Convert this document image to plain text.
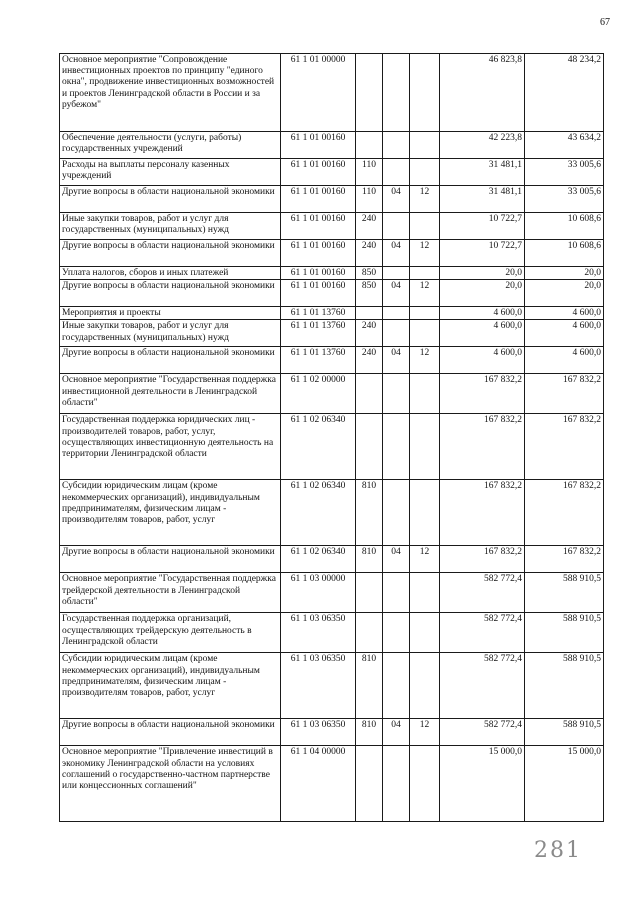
67
Основное мероприятие "Сопровождение инвестиционных проектов по принципу "единого окна", продвижение инвестиционных возможностей и проектов Ленинградской области в России и за рубежом"	61 1 01 00000				46 823,8	48 234,2
Обеспечение деятельности (услуги, работы) государственных учреждений	61 1 01 00160				42 223,8	43 634,2
Расходы на выплаты персоналу казенных учреждений	61 1 01 00160	110			31 481,1	33 005,6
Другие вопросы в области национальной экономики	61 1 01 00160	110	04	12	31 481,1	33 005,6
Иные закупки товаров, работ и услуг для государственных (муниципальных) нужд	61 1 01 00160	240			10 722,7	10 608,6
Другие вопросы в области национальной экономики	61 1 01 00160	240	04	12	10 722,7	10 608,6
Уплата налогов, сборов и иных платежей	61 1 01 00160	850			20,0	20,0
Другие вопросы в области национальной экономики	61 1 01 00160	850	04	12	20,0	20,0
Мероприятия и проекты	61 1 01 13760				4 600,0	4 600,0
Иные закупки товаров, работ и услуг для государственных (муниципальных) нужд	61 1 01 13760	240			4 600,0	4 600,0
Другие вопросы в области национальной экономики	61 1 01 13760	240	04	12	4 600,0	4 600,0
Основное мероприятие "Государственная поддержка инвестиционной деятельности в Ленинградской области"	61 1 02 00000				167 832,2	167 832,2
Государственная поддержка юридических лиц - производителей товаров, работ, услуг, осуществляющих инвестиционную деятельность на территории Ленинградской области	61 1 02 06340				167 832,2	167 832,2
Субсидии юридическим лицам (кроме некоммерческих организаций), индивидуальным предпринимателям, физическим лицам - производителям товаров, работ, услуг	61 1 02 06340	810			167 832,2	167 832,2
Другие вопросы в области национальной экономики	61 1 02 06340	810	04	12	167 832,2	167 832,2
Основное мероприятие "Государственная поддержка трейдерской деятельности в Ленинградской области"	61 1 03 00000				582 772,4	588 910,5
Государственная поддержка организаций, осуществляющих трейдерскую деятельность в Ленинградской области	61 1 03 06350				582 772,4	588 910,5
Субсидии юридическим лицам (кроме некоммерческих организаций), индивидуальным предпринимателям, физическим лицам - производителям товаров, работ, услуг	61 1 03 06350	810			582 772,4	588 910,5
Другие вопросы в области национальной экономики	61 1 03 06350	810	04	12	582 772,4	588 910,5
Основное мероприятие "Привлечение инвестиций в экономику Ленинградской области на условиях соглашений о государственно-частном партнерстве или концессионных соглашений"	61 1 04 00000				15 000,0	15 000,0
281
